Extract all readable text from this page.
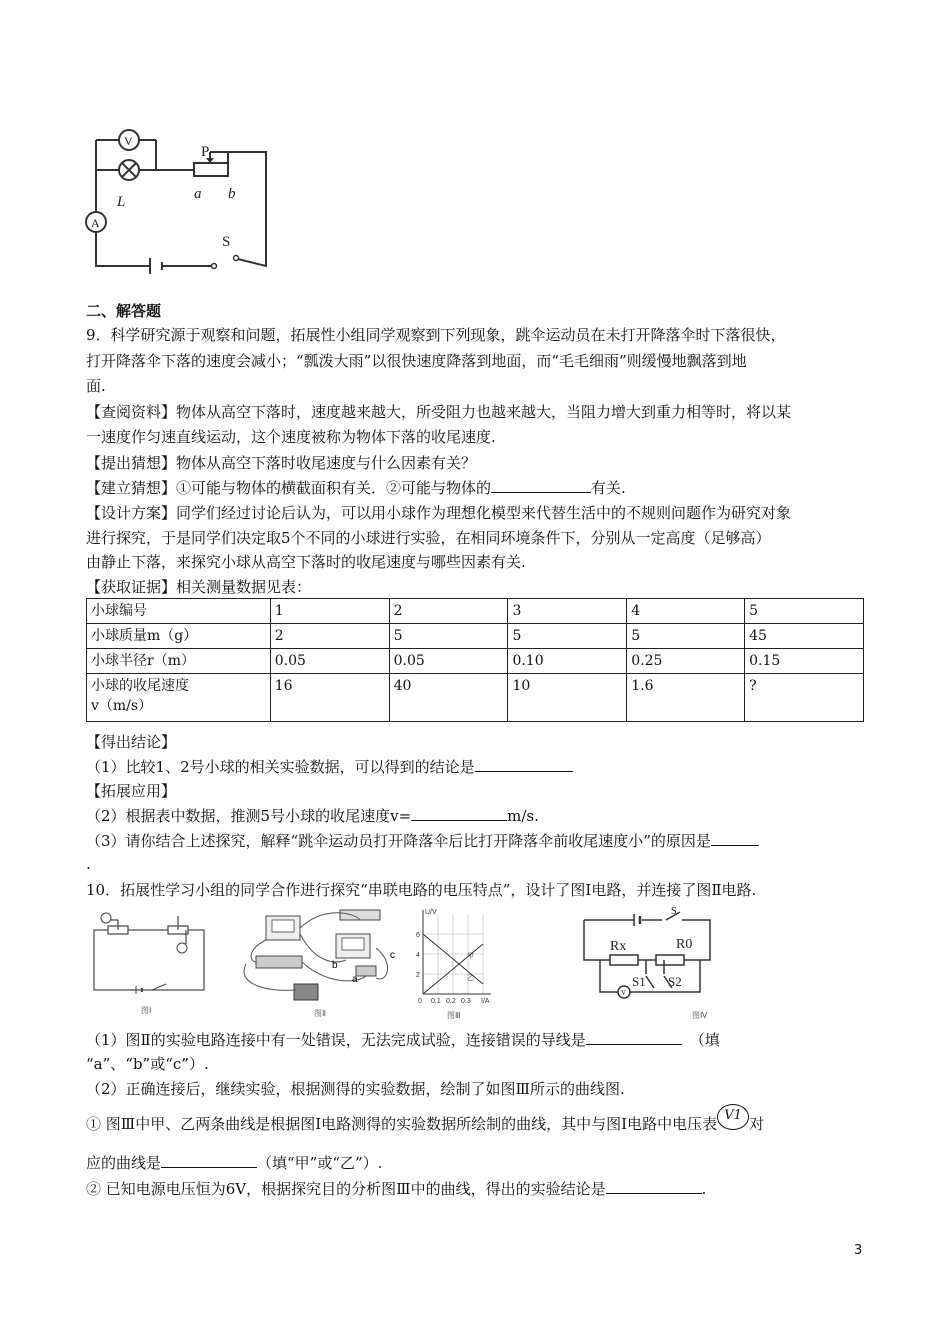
V
P
L	a b
A
S
二、解答题
9．科学研究源于观察和问题，拓展性小组同学观察到下列现象，跳伞运动员在未打开降落伞时下落很快，
打开降落伞下落的速度会减小；“瓢泼大雨”以很快速度降落到地面，而“毛毛细雨”则缓慢地飘落到地
面.
【查阅资料】物体从高空下落时，速度越来越大，所受阻力也越来越大，当阻力增大到重力相等时，将以某
一速度作匀速直线运动，这个速度被称为物体下落的收尾速度.
【提出猜想】物体从高空下落时收尾速度与什么因素有关？
【建立猜想】①可能与物体的横截面积有关．②可能与物体的	有关.
【设计方案】同学们经过讨论后认为，可以用小球作为理想化模型来代替生活中的不规则问题作为研究对象
进行探究，于是同学们决定取5个不同的小球进行实验，在相同环境条件下，分别从一定高度（足够高）
由静止下落，来探究小球从高空下落时的收尾速度与哪些因素有关.
【获取证据】相关测量数据见表：
小球编号	1	2	3	4	5
小球质量m（g）	2	5	5	5	45
小球半径r（m）	0.05	0.05	0.10	0.25	0.15

小球的收尾速度
v（m/s）	16	40	10	1.6	?
【得出结论】
（1）比较1、2号小球的相关实验数据，可以得到的结论是
【拓展应用】
（2）根据表中数据，推测5号小球的收尾速度v=	m/s.
（3）请你结合上述探究，解释“跳伞运动员打开降落伞后比打开降落伞前收尾速度小”的原因是
.
10．拓展性学习小组的同学合作进行探究“串联电路的电压特点”，设计了图Ⅰ电路，并连接了图Ⅱ电路.
图Ⅰ
b
c
a
图Ⅱ
U/V
6
4
2
0 0.1 0.2 0.3 I/A
甲
乙
图Ⅲ
S
Rx	R0
S1 S2
V
图Ⅳ
（1）图Ⅱ的实验电路连接中有一处错误，无法完成试验，连接错误的导线是	（填
“a”、“b”或“c”）.
（2）正确连接后，继续实验，根据测得的实验数据，绘制了如图Ⅲ所示的曲线图.
① 图Ⅲ中甲、乙两条曲线是根据图Ⅰ电路测得的实验数据所绘制的曲线，其中与图Ⅰ电路中电压表 V1 对
应的曲线是	（填“甲”或“乙”）.
② 已知电源电压恒为6V，根据探究目的分析图Ⅲ中的曲线，得出的实验结论是	.
3
